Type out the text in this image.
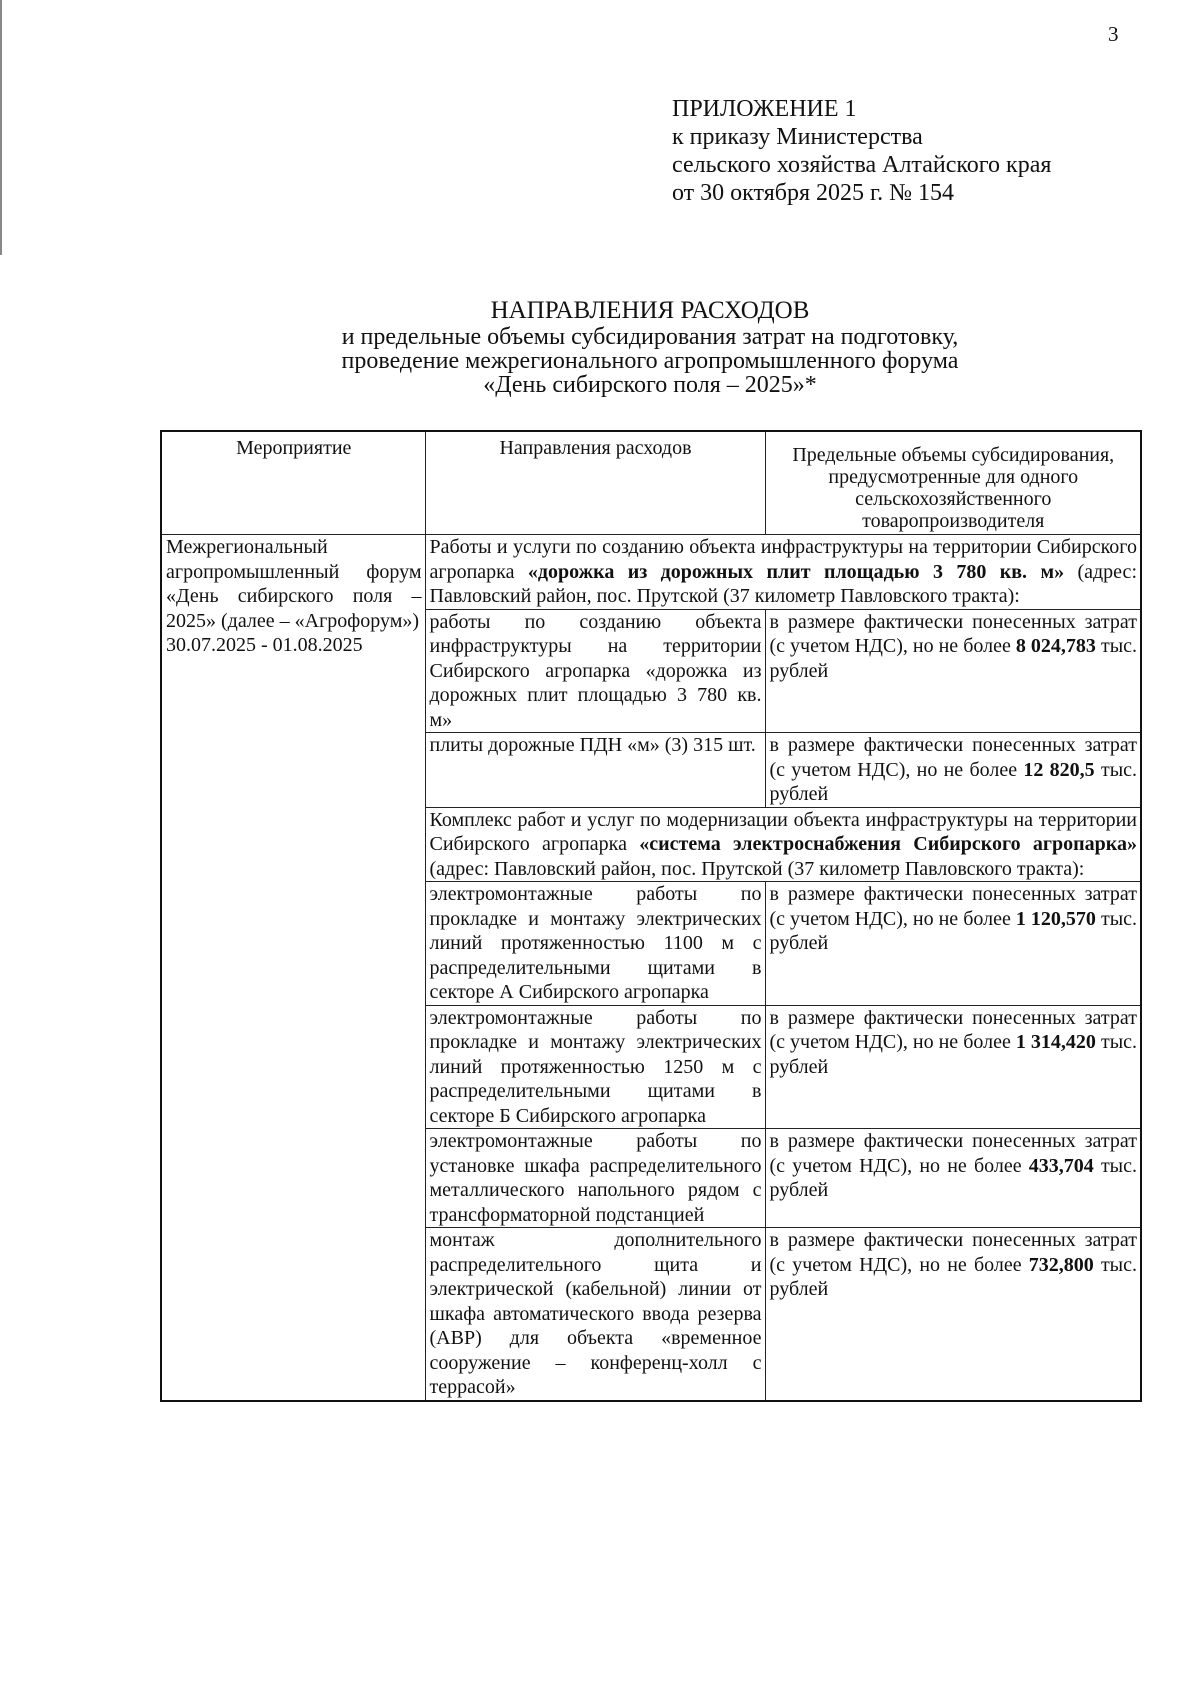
3
ПРИЛОЖЕНИЕ 1
к приказу Министерства
сельского хозяйства Алтайского края
от 30 октября 2025 г. № 154
НАПРАВЛЕНИЯ РАСХОДОВ
и предельные объемы субсидирования затрат на подготовку,
проведение межрегионального агропромышленного форума
«День сибирского поля – 2025»*
Мероприятие	Направления расходов	Предельные объемы субсидирования, предусмотренные для одного сельскохозяйственного товаропроизводителя

Межрегиональный агропромышленный форум «День сибирского поля – 2025» (далее – «Агрофорум»)
30.07.2025 - 01.08.2025	Работы и услуги по созданию объекта инфраструктуры на территории Сибирского агропарка «дорожка из дорожных плит площадью 3 780 кв. м» (адрес: Павловский район, пос. Прутской (37 километр Павловского тракта):	
	работы по созданию объекта инфраструктуры на территории Сибирского агропарка «дорожка из дорожных плит площадью 3 780 кв. м»	в размере фактически понесенных затрат (с учетом НДС), но не более 8 024,783 тыс. рублей
	плиты дорожные ПДН «м» (3) 315 шт.	в размере фактически понесенных затрат (с учетом НДС), но не более 12 820,5 тыс. рублей
	Комплекс работ и услуг по модернизации объекта инфраструктуры на территории Сибирского агропарка «система электроснабжения Сибирского агропарка» (адрес: Павловский район, пос. Прутской (37 километр Павловского тракта):	
	электромонтажные работы по прокладке и монтажу электрических линий протяженностью 1100 м с распределительными щитами в секторе А Сибирского агропарка	в размере фактически понесенных затрат (с учетом НДС), но не более 1 120,570 тыс. рублей
	электромонтажные работы по прокладке и монтажу электрических линий протяженностью 1250 м с распределительными щитами в секторе Б Сибирского агропарка	в размере фактически понесенных затрат (с учетом НДС), но не более 1 314,420 тыс. рублей
	электромонтажные работы по установке шкафа распределительного металлического напольного рядом с трансформаторной подстанцией	в размере фактически понесенных затрат (с учетом НДС), но не более 433,704 тыс. рублей
	монтаж дополнительного распределительного щита и электрической (кабельной) линии от шкафа автоматического ввода резерва (АВР) для объекта «временное сооружение – конференц-холл с террасой»	в размере фактически понесенных затрат (с учетом НДС), но не более 732,800 тыс. рублей
